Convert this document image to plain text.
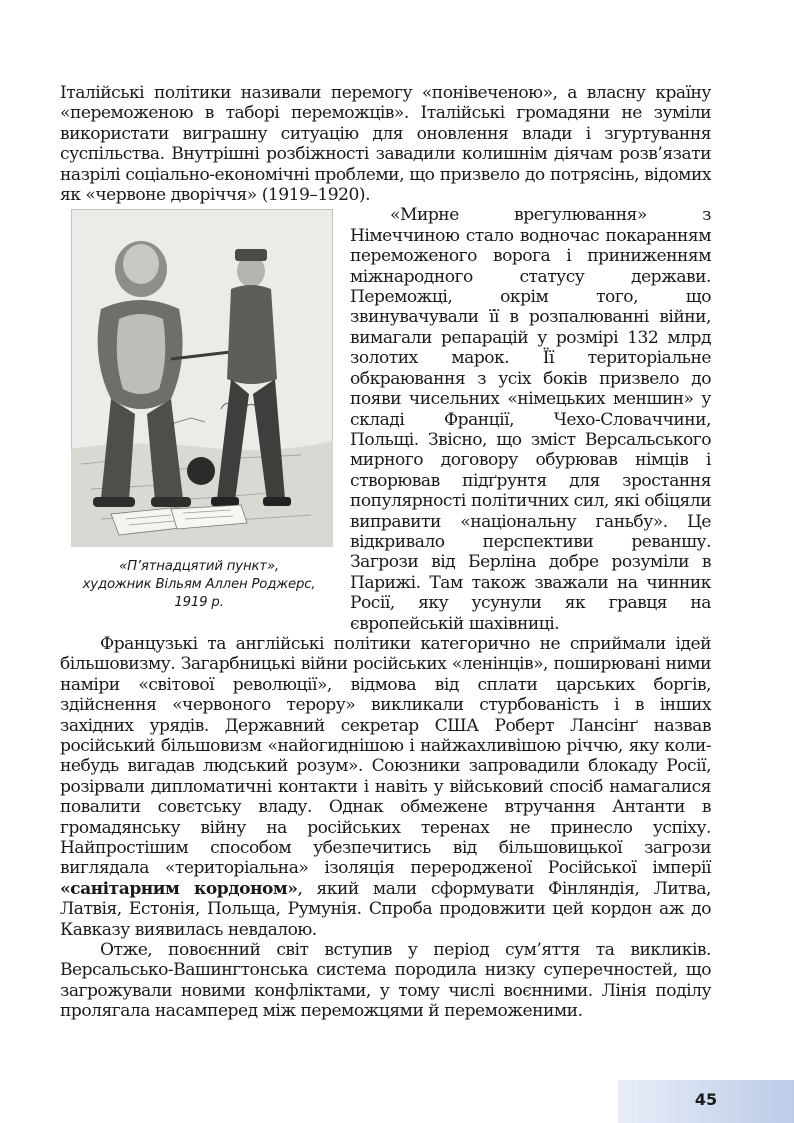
Італійські політики називали перемогу «понівеченою», а власну країну «переможеною в таборі переможців». Італійські громадяни не зуміли використати виграшну ситуацію для оновлення влади і згуртування суспільства. Внутрішні розбіжності завадили колишнім діячам розв’язати назрілі соціально-економічні проблеми, що призвело до потрясінь, відомих як «червоне дворіччя» (1919–1920).

«П’ятнадцятий пункт»,
художник Вільям Аллен Роджерс,
1919 р.

«Мирне врегулювання» з Німеччиною стало водночас покаранням переможеного ворога і приниженням міжнародного статусу держави. Переможці, окрім того, що звинувачували її в розпалюванні війни, вимагали репарацій у розмірі 132 млрд золотих марок. Її територіальне обкраювання з усіх боків призвело до появи чисельних «німецьких меншин» у складі Франції, Чехо-Словаччини, Польщі. Звісно, що зміст Версальського мирного договору обурював німців і створював підґрунтя для зростання популярності політичних сил, які обіцяли виправити «національну ганьбу». Це відкривало перспективи реваншу. Загрози від Берліна добре розуміли в Парижі. Там також зважали на чинник Росії, яку усунули як гравця на європейській шахівниці.

Французькі та англійські політики категорично не сприймали ідей більшовизму. Загарбницькі війни російських «ленінців», поширювані ними наміри «світової революції», відмова від сплати царських боргів, здійснення «червоного терору» викликали стурбованість і в інших західних урядів. Державний секретар США Роберт Лансінґ назвав російський більшовизм «найогиднішою і найжахливішою річчю, яку коли-небудь вигадав людський розум». Союзники запровадили блокаду Росії, розірвали дипломатичні контакти і навіть у військовий спосіб намагалися повалити совєтську владу. Однак обмежене втручання Антанти в громадянську війну на російських теренах не принесло успіху. Найпростішим способом убезпечитись від більшовицької загрози виглядала «територіальна» ізоляція переродженої Російської імперії «санітарним кордоном», який мали сформувати Фінляндія, Литва, Латвія, Естонія, Польща, Румунія. Спроба продовжити цей кордон аж до Кавказу виявилась невдалою.

Отже, повоєнний світ вступив у період сум’яття та викликів. Версальсько-Вашингтонська система породила низку суперечностей, що загрожували новими конфліктами, у тому числі воєнними. Лінія поділу пролягала насамперед між переможцями й переможеними.

45
